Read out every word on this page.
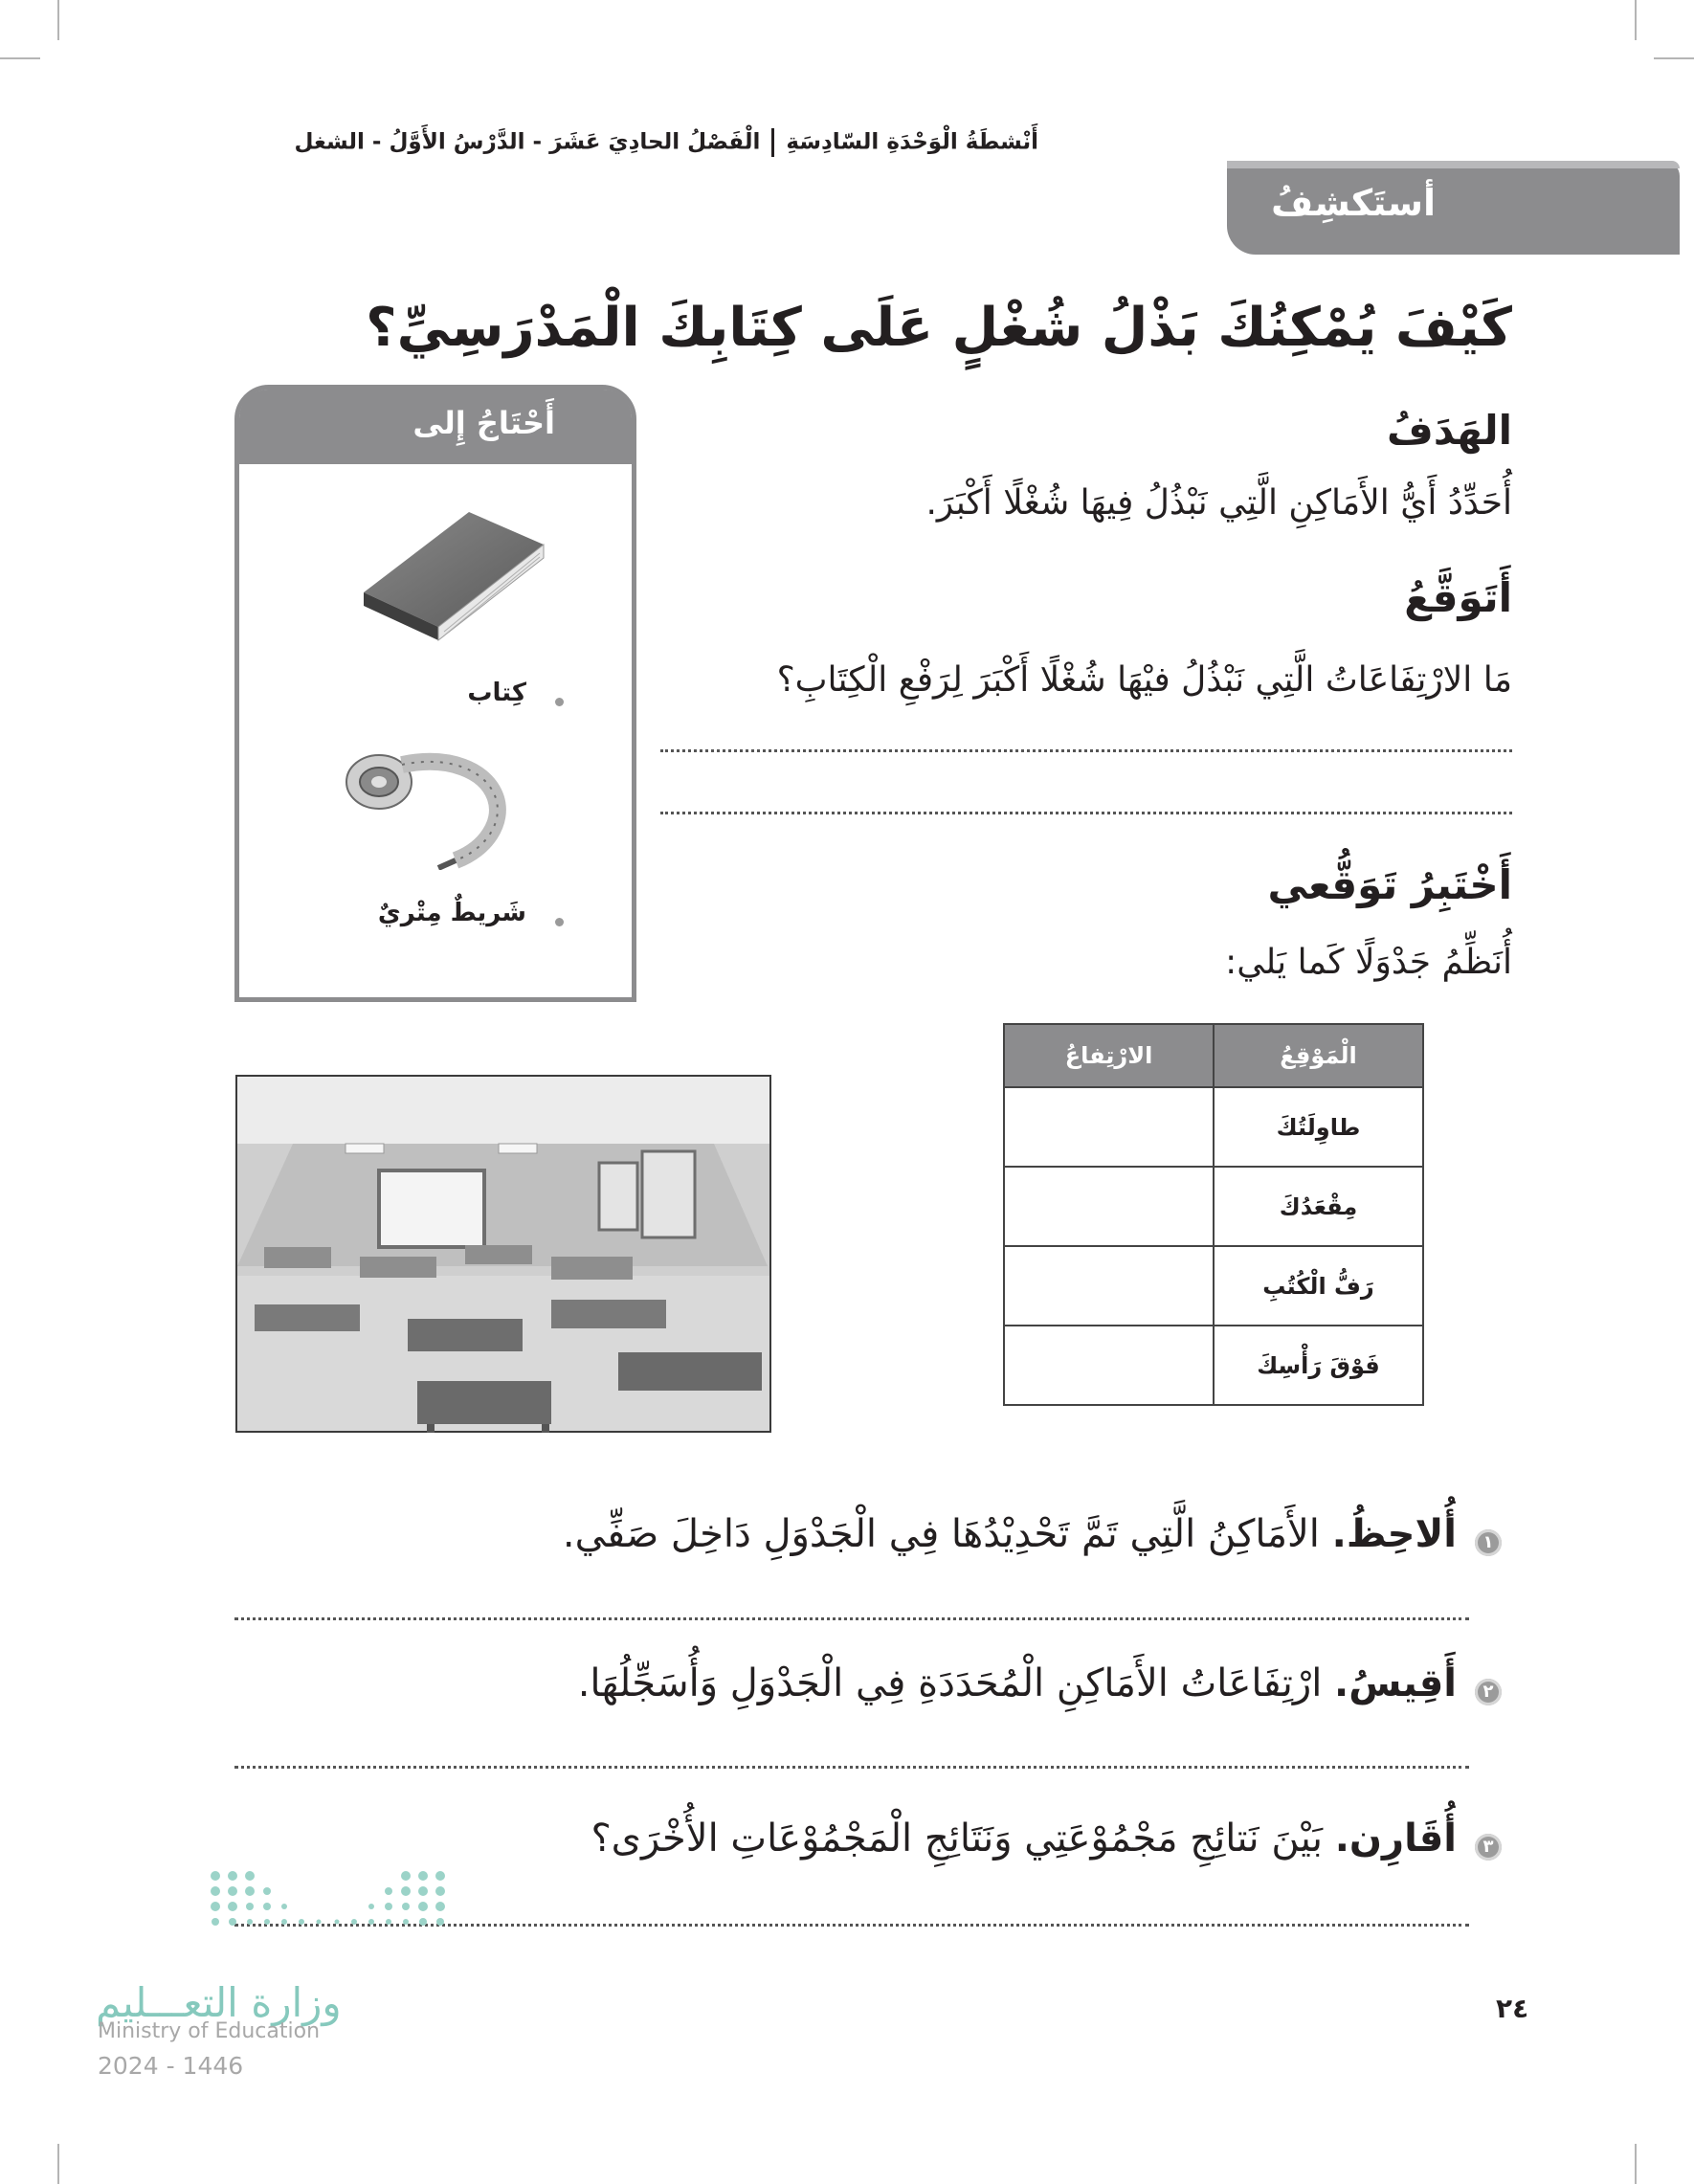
أَنْشطَةُ الْوَحْدَةِ السّادِسَةِالْفَصْلُ الحادِيَ عَشَرَ - الدَّرْسُ الأَوَّلُ - الشغل
أستَكشِفُ
كَيْفَ يُمْكِنُكَ بَذْلُ شُغْلٍ عَلَى كِتَابِكَ الْمَدْرَسِيِّ؟
الهَدَفُ
أُحَدِّدُ أَيُّ الأَمَاكِنِ الَّتِي نَبْذُلُ فِيهَا شُغْلًا أَكْبَرَ.
أَتَوَقَّعُ
مَا الارْتِفَاعَاتُ الَّتِي نَبْذُلُ فيْهَا شُغْلًا أَكْبَرَ لِرَفْعِ الْكِتَابِ؟
أَخْتَبِرُ تَوَقُّعي
أُنَظِّمُ جَدْوَلًا كَما يَلي:
أَحْتَاجُ إِلى
كِتاب
شَريطٌ مِتْريٌ
الْمَوْقِعُ	الارْتِفاعُ
طاوِلَتُكَ	
مِقْعَدُكَ	
رَفُّ الْكُتُبِ	
فَوْقَ رَأْسِكَ	
١
أُلاحِظُ. الأَمَاكِنُ الَّتِي تَمَّ تَحْدِيْدُهَا فِي الْجَدْوَلِ دَاخِلَ صَفِّي.
٢
أَقِيسُ. ارْتِفَاعَاتُ الأَمَاكِنِ الْمُحَدَدَةِ فِي الْجَدْوَلِ وَأُسَجِّلُهَا.
٣
أُقَارِن. بَيْنَ نَتائِجِ مَجْمُوْعَتِي وَنَتَائِجِ الْمَجْمُوْعَاتِ الأُخْرَى؟
وزارة التعـــليم
Ministry of Education
2024 - 1446
٢٤
